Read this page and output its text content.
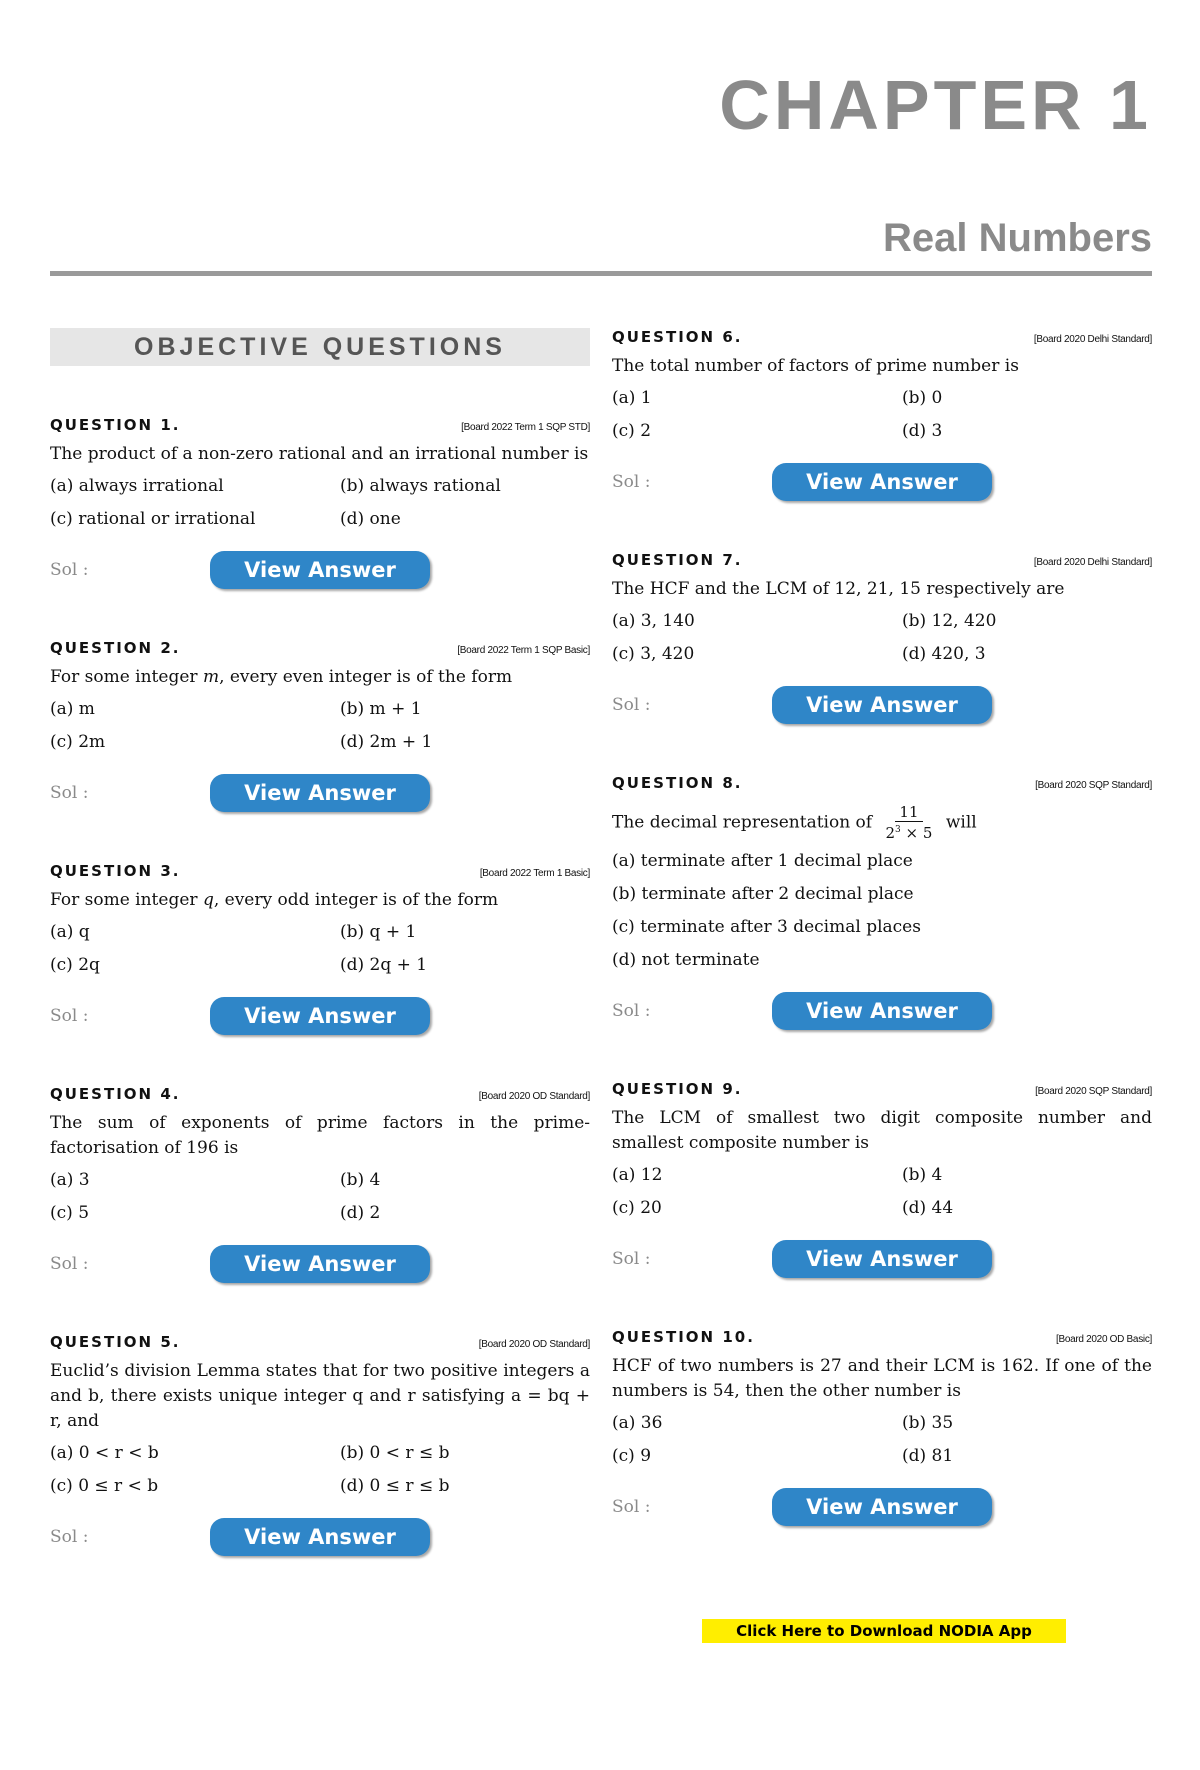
CHAPTER 1
Real Numbers
OBJECTIVE QUESTIONS
QUESTION 1.	[Board 2022 Term 1 SQP STD]
The product of a non-zero rational and an irrational number is
(a) always irrational	(b) always rational
(c) rational or irrational	(d) one
Sol :	View Answer
QUESTION 2.	[Board 2022 Term 1 SQP Basic]
For some integer m, every even integer is of the form
(a) m	(b) m + 1
(c) 2m	(d) 2m + 1
Sol :	View Answer
QUESTION 3.	[Board 2022 Term 1 Basic]
For some integer q, every odd integer is of the form
(a) q	(b) q + 1
(c) 2q	(d) 2q + 1
Sol :	View Answer
QUESTION 4.	[Board 2020 OD Standard]
The sum of exponents of prime factors in the prime-factorisation of 196 is
(a) 3	(b) 4
(c) 5	(d) 2
Sol :	View Answer
QUESTION 5.	[Board 2020 OD Standard]
Euclid’s division Lemma states that for two positive integers a and b, there exists unique integer q and r satisfying a = bq + r, and
(a) 0 < r < b	(b) 0 < r ≤ b
(c) 0 ≤ r < b	(d) 0 ≤ r ≤ b
Sol :	View Answer
QUESTION 6.	[Board 2020 Delhi Standard]
The total number of factors of prime number is
(a) 1	(b) 0
(c) 2	(d) 3
Sol :	View Answer
QUESTION 7.	[Board 2020 Delhi Standard]
The HCF and the LCM of 12, 21, 15 respectively are
(a) 3, 140	(b) 12, 420
(c) 3, 420	(d) 420, 3
Sol :	View Answer
QUESTION 8.	[Board 2020 SQP Standard]
The decimal representation of $\frac{11}{2^3 \times 5}$ will
(a) terminate after 1 decimal place
(b) terminate after 2 decimal place
(c) terminate after 3 decimal places
(d) not terminate
Sol :	View Answer
QUESTION 9.	[Board 2020 SQP Standard]
The LCM of smallest two digit composite number and smallest composite number is
(a) 12	(b) 4
(c) 20	(d) 44
Sol :	View Answer
QUESTION 10.	[Board 2020 OD Basic]
HCF of two numbers is 27 and their LCM is 162. If one of the numbers is 54, then the other number is
(a) 36	(b) 35
(c) 9	(d) 81
Sol :	View Answer
Click Here to Download NODIA App
